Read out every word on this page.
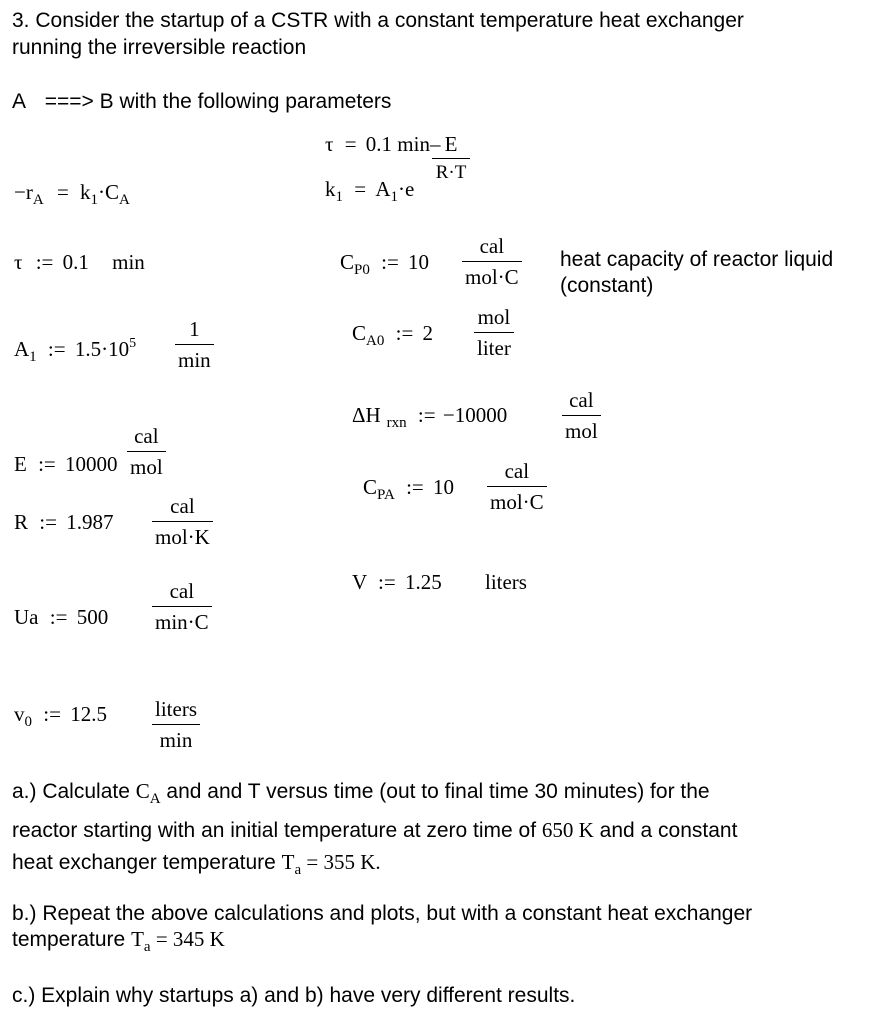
3. Consider the startup of a CSTR with a constant temperature heat exchanger
running the irreversible reaction
A ===> B with the following parameters
τ = 0.1 min–
$\frac{E}{R\cdot T}$
$-r_A = k_1\cdot C_A$	$k_1 = A_1\cdot e$
τ := 0.1 min	$C_{P0}$ := 10
cal
mol·C
heat capacity of reactor liquid
(constant)
$C_{A0}$ := 2
mol
liter
$A_1$ := $1.5\cdot 10^5$
1
min
ΔH $_{rxn}$ := −10000
cal
mol
E := 10000
cal
mol
$C_{PA}$ := 10
cal
mol·C
R := 1.987
cal
mol·K
V := 1.25 liters
Ua := 500
cal
min·C
$v_0$ := 12.5 liters
min
a.) Calculate $C_A$ and and T versus time (out to final time 30 minutes) for the
reactor starting with an initial temperature at zero time of 650 K and a constant
heat exchanger temperature $T_a = 355$ K.
b.) Repeat the above calculations and plots, but with a constant heat exchanger
temperature $T_a = 345$ K
c.) Explain why startups a) and b) have very different results.
